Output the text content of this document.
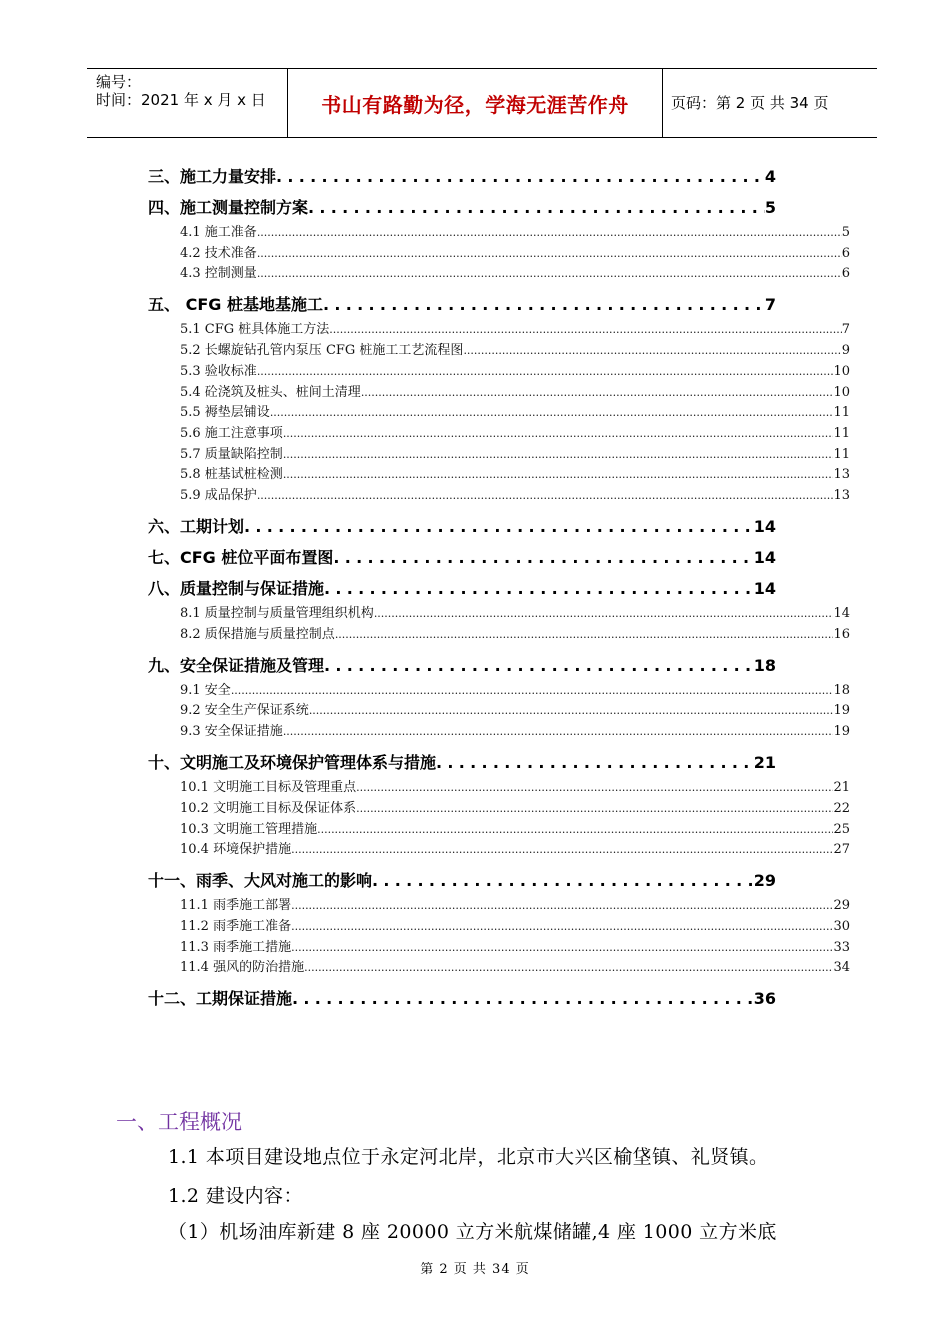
编号：
时间：2021 年 x 月 x 日	书山有路勤为径，学海无涯苦作舟	页码：第 2 页 共 34 页
三、施工力量安排 .....	4
四、施工测量控制方案 .....	5
4.1 施工准备 .....	5
4.2 技术准备 .....	6
4.3 控制测量 .....	6
五、 CFG 桩基地基施工 .....	7
5.1 CFG 桩具体施工方法 .....	7
5.2 长螺旋钻孔管内泵压 CFG 桩施工工艺流程图 .....	9
5.3 验收标准 .....	10
5.4 砼浇筑及桩头、桩间土清理 .....	10
5.5 褥垫层铺设 .....	11
5.6 施工注意事项 .....	11
5.7 质量缺陷控制 .....	11
5.8 桩基试桩检测 .....	13
5.9 成品保护 .....	13
六、工期计划 .....	14
七、CFG 桩位平面布置图 .....	14
八、质量控制与保证措施 .....	14
8.1 质量控制与质量管理组织机构 .....	14
8.2 质保措施与质量控制点 .....	16
九、安全保证措施及管理 .....	18
9.1 安全 .....	18
9.2 安全生产保证系统 .....	19
9.3 安全保证措施 .....	19
十、文明施工及环境保护管理体系与措施 .....	21
10.1 文明施工目标及管理重点 .....	21
10.2 文明施工目标及保证体系 .....	22
10.3 文明施工管理措施 .....	25
10.4 环境保护措施 .....	27
十一、雨季、大风对施工的影响 .....	29
11.1 雨季施工部署 .....	29
11.2 雨季施工准备 .....	30
11.3 雨季施工措施 .....	33
11.4 强风的防治措施 .....	34
十二、工期保证措施 .....	36
一、工程概况
1.1 本项目建设地点位于永定河北岸，北京市大兴区榆垡镇、礼贤镇。
1.2 建设内容：
（1）机场油库新建 8 座 20000 立方米航煤储罐,4 座 1000 立方米底
第 2 页 共 34 页
